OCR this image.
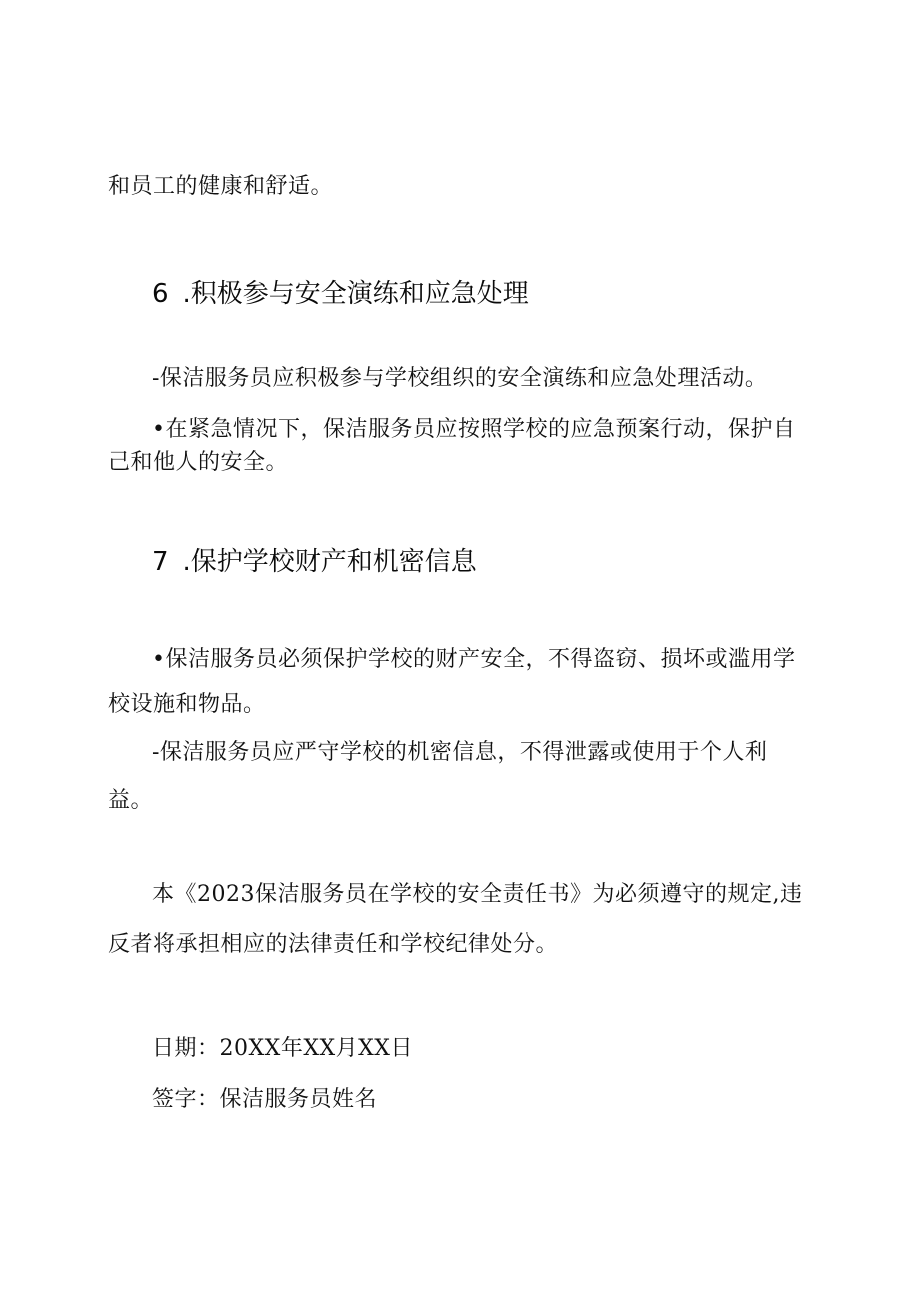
和员工的健康和舒适。
6 .积极参与安全演练和应急处理
-保洁服务员应积极参与学校组织的安全演练和应急处理活动。
•在紧急情况下，保洁服务员应按照学校的应急预案行动，保护自
己和他人的安全。
7 .保护学校财产和机密信息
•保洁服务员必须保护学校的财产安全，不得盗窃、损坏或滥用学
校设施和物品。
-保洁服务员应严守学校的机密信息，不得泄露或使用于个人利
益。
本《2023保洁服务员在学校的安全责任书》为必须遵守的规定,违
反者将承担相应的法律责任和学校纪律处分。
日期：20XX年XX月XX日
签字：保洁服务员姓名
